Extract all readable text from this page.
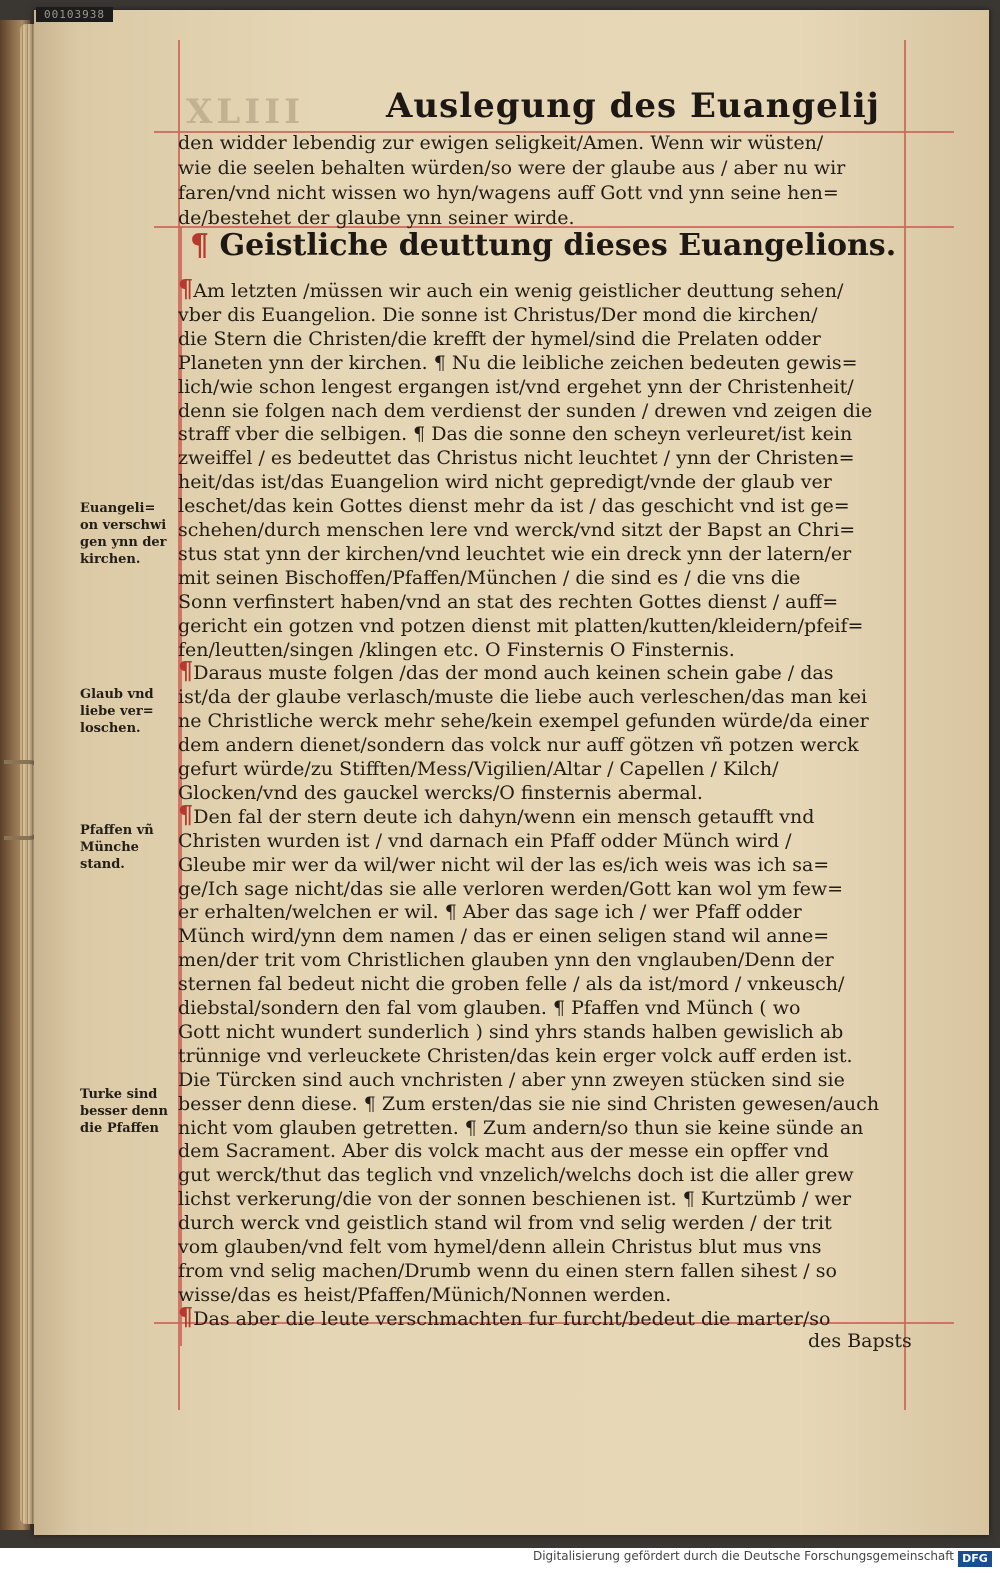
00103938
XLIII Auslegung des Euangelij
den widder lebendig zur ewigen seligkeit/Amen. Wenn wir wüsten/
wie die seelen behalten würden/so were der glaube aus / aber nu wir
faren/vnd nicht wissen wo hyn/wagens auff Gott vnd ynn seine hen=
de/bestehet der glaube ynn seiner wirde.
¶ Geistliche deuttung dieses Euangelions.
¶Am letzten /müssen wir auch ein wenig geistlicher deuttung sehen/
vber dis Euangelion. Die sonne ist Christus/Der mond die kirchen/
die Stern die Christen/die krefft der hymel/sind die Prelaten odder
Planeten ynn der kirchen. ¶ Nu die leibliche zeichen bedeuten gewis=
lich/wie schon lengest ergangen ist/vnd ergehet ynn der Christenheit/
denn sie folgen nach dem verdienst der sunden / drewen vnd zeigen die
straff vber die selbigen. ¶ Das die sonne den scheyn verleuret/ist kein
zweiffel / es bedeuttet das Christus nicht leuchtet / ynn der Christen=
heit/das ist/das Euangelion wird nicht gepredigt/vnde der glaub ver
leschet/das kein Gottes dienst mehr da ist / das geschicht vnd ist ge=
schehen/durch menschen lere vnd werck/vnd sitzt der Bapst an Chri=
stus stat ynn der kirchen/vnd leuchtet wie ein dreck ynn der latern/er
mit seinen Bischoffen/Pfaffen/München / die sind es / die vns die
Sonn verfinstert haben/vnd an stat des rechten Gottes dienst / auff=
gericht ein gotzen vnd potzen dienst mit platten/kutten/kleidern/pfeif=
fen/leutten/singen /klingen etc. O Finsternis O Finsternis.
¶Daraus muste folgen /das der mond auch keinen schein gabe / das
ist/da der glaube verlasch/muste die liebe auch verleschen/das man kei
ne Christliche werck mehr sehe/kein exempel gefunden würde/da einer
dem andern dienet/sondern das volck nur auff götzen vñ potzen werck
gefurt würde/zu Stifften/Mess/Vigilien/Altar / Capellen / Kilch/
Glocken/vnd des gauckel wercks/O finsternis abermal.
¶Den fal der stern deute ich dahyn/wenn ein mensch getaufft vnd
Christen wurden ist / vnd darnach ein Pfaff odder Münch wird /
Gleube mir wer da wil/wer nicht wil der las es/ich weis was ich sa=
ge/Ich sage nicht/das sie alle verloren werden/Gott kan wol ym few=
er erhalten/welchen er wil. ¶ Aber das sage ich / wer Pfaff odder
Münch wird/ynn dem namen / das er einen seligen stand wil anne=
men/der trit vom Christlichen glauben ynn den vnglauben/Denn der
sternen fal bedeut nicht die groben felle / als da ist/mord / vnkeusch/
diebstal/sondern den fal vom glauben. ¶ Pfaffen vnd Münch ( wo
Gott nicht wundert sunderlich ) sind yhrs stands halben gewislich ab
trünnige vnd verleuckete Christen/das kein erger volck auff erden ist.
Die Türcken sind auch vnchristen / aber ynn zweyen stücken sind sie
besser denn diese. ¶ Zum ersten/das sie nie sind Christen gewesen/auch
nicht vom glauben getretten. ¶ Zum andern/so thun sie keine sünde an
dem Sacrament. Aber dis volck macht aus der messe ein opffer vnd
gut werck/thut das teglich vnd vnzelich/welchs doch ist die aller grew
lichst verkerung/die von der sonnen beschienen ist. ¶ Kurtzümb / wer
durch werck vnd geistlich stand wil from vnd selig werden / der trit
vom glauben/vnd felt vom hymel/denn allein Christus blut mus vns
from vnd selig machen/Drumb wenn du einen stern fallen sihest / so
wisse/das es heist/Pfaffen/Münich/Nonnen werden.
¶Das aber die leute verschmachten fur furcht/bedeut die marter/so
Euangeli=
on verschwi
gen ynn der
kirchen.
Glaub vnd
liebe ver=
loschen.
Pfaffen vñ
Münche
stand.
Turke sind
besser denn
die Pfaffen
des Bapsts
Digitalisierung gefördert durch die Deutsche Forschungsgemeinschaft DFG
